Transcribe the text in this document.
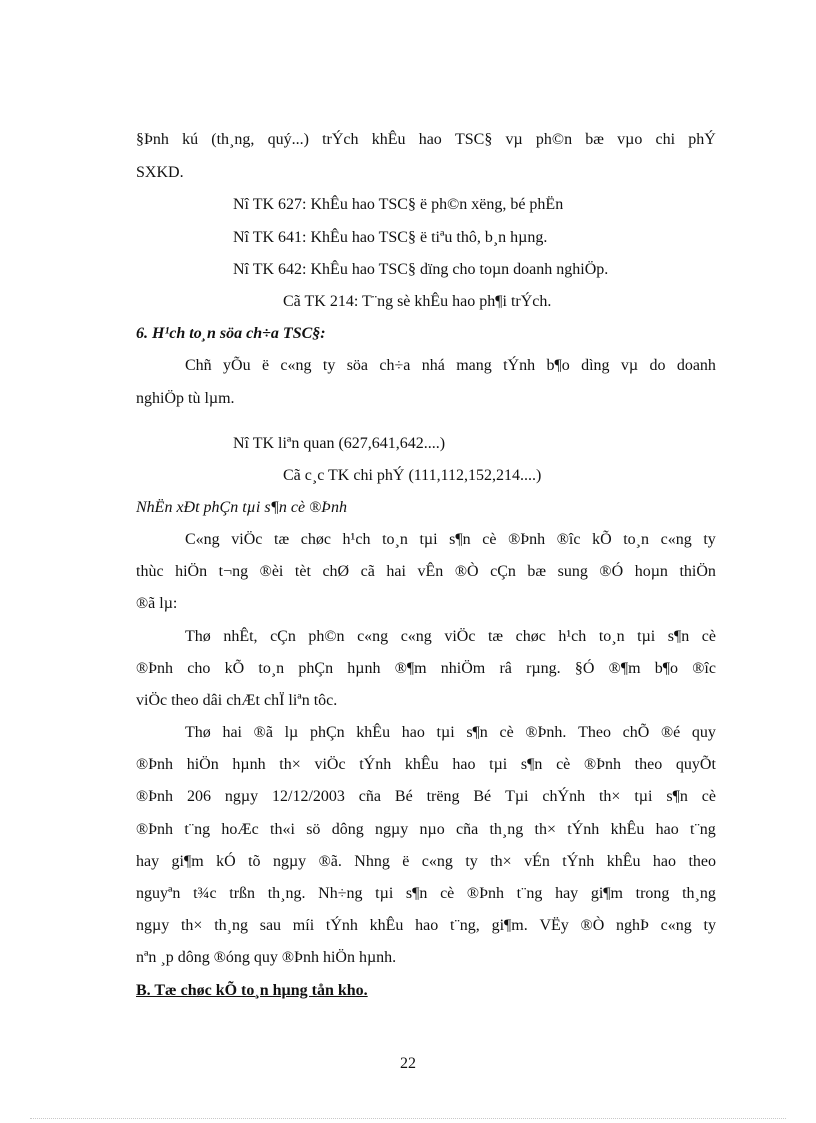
§Þnh kú (th¸ng, quý...) trÝch khÊu hao TSC§ vµ ph©n bæ vµo chi phÝ
SXKD.
Nî TK 627: KhÊu hao TSC§ ë ph©n xëng, bé phËn
Nî TK 641: KhÊu hao TSC§ ë tiªu thô, b¸n hµng.
Nî TK 642: KhÊu hao TSC§ dïng cho toµn doanh nghiÖp.
Cã TK 214: T¨ng sè khÊu hao ph¶i trÝch.
6. H¹ch to¸n söa ch÷a TSC§:
Chñ yÕu ë c«ng ty söa ch÷a nhá mang tÝnh b¶o dìng vµ do doanh
nghiÖp tù lµm.
Nî TK liªn quan (627,641,642....)
Cã c¸c TK chi phÝ (111,112,152,214....)
NhËn xÐt phÇn tµi s¶n cè ®Þnh
C«ng viÖc tæ chøc h¹ch to¸n tµi s¶n cè ®Þnh ®îc kÕ to¸n c«ng ty
thùc hiÖn t¬ng ®èi tèt chØ cã hai vÊn ®Ò cÇn bæ sung ®Ó hoµn thiÖn
®ã lµ:
Thø nhÊt, cÇn ph©n c«ng c«ng viÖc tæ chøc h¹ch to¸n tµi s¶n cè
®Þnh cho kÕ to¸n phÇn hµnh ®¶m nhiÖm râ rµng. §Ó ®¶m b¶o ®îc
viÖc theo dâi chÆt chÏ liªn tôc.
Thø hai ®ã lµ phÇn khÊu hao tµi s¶n cè ®Þnh. Theo chÕ ®é quy
®Þnh hiÖn hµnh th× viÖc tÝnh khÊu hao tµi s¶n cè ®Þnh theo quyÕt
®Þnh 206 ngµy 12/12/2003 cña Bé trëng Bé Tµi chÝnh th× tµi s¶n cè
®Þnh t¨ng hoÆc th«i sö dông ngµy nµo cña th¸ng th× tÝnh khÊu hao t¨ng
hay gi¶m kÓ tõ ngµy ®ã. Nhng ë c«ng ty th× vÉn tÝnh khÊu hao theo
nguyªn t¾c trßn th¸ng. Nh÷ng tµi s¶n cè ®Þnh t¨ng hay gi¶m trong th¸ng
ngµy th× th¸ng sau míi tÝnh khÊu hao t¨ng, gi¶m. VËy ®Ò nghÞ c«ng ty
nªn ¸p dông ®óng quy ®Þnh hiÖn hµnh.
B. Tæ chøc kÕ to¸n hµng tån kho.
22
